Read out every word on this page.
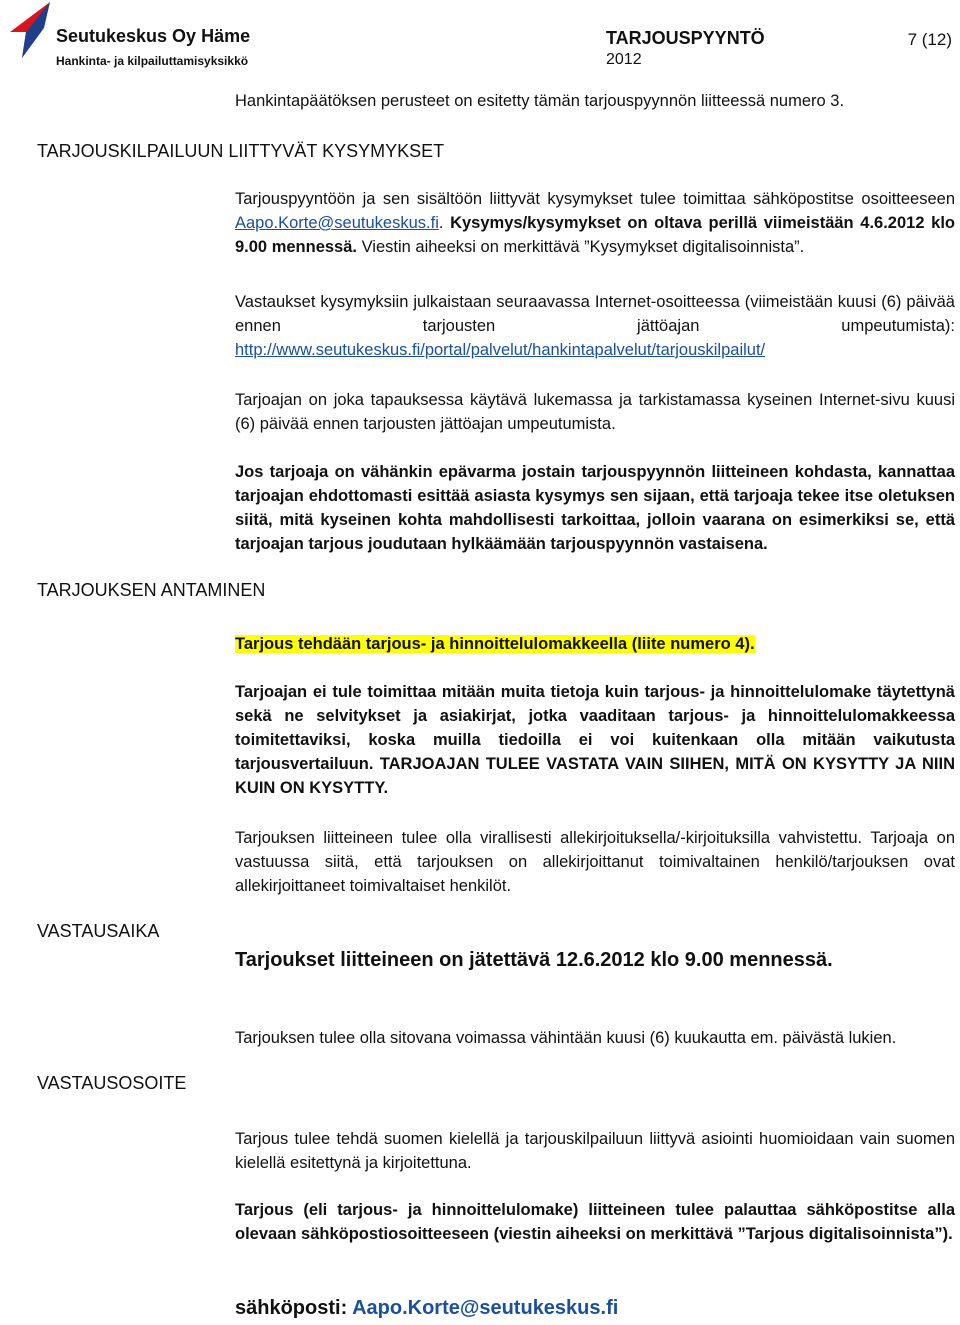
Seutukeskus Oy Häme
Hankinta- ja kilpailuttamisyksikkö
TARJOUSPYYNTÖ
2012
7 (12)
TARJOUSKILPAILUUN LIITTYVÄT KYSYMYKSET
TARJOUKSEN ANTAMINEN
VASTAUSAIKA
VASTAUSOSOITE
Hankintapäätöksen perusteet on esitetty tämän tarjouspyynnön liitteessä numero 3.
Tarjouspyyntöön ja sen sisältöön liittyvät kysymykset tulee toimittaa sähköpostitse osoitteeseen Aapo.Korte@seutukeskus.fi. Kysymys/kysymykset on oltava perillä viimeistään 4.6.2012 klo 9.00 mennessä. Viestin aiheeksi on merkittävä ”Kysymykset digitalisoinnista”.
Vastaukset kysymyksiin julkaistaan seuraavassa Internet-osoitteessa (viimeistään kuusi (6) päivää ennen tarjousten jättöajan umpeutumista): http://www.seutukeskus.fi/portal/palvelut/hankintapalvelut/tarjouskilpailut/
Tarjoajan on joka tapauksessa käytävä lukemassa ja tarkistamassa kyseinen Internet-sivu kuusi (6) päivää ennen tarjousten jättöajan umpeutumista.
Jos tarjoaja on vähänkin epävarma jostain tarjouspyynnön liitteineen kohdasta, kannattaa tarjoajan ehdottomasti esittää asiasta kysymys sen sijaan, että tarjoaja tekee itse oletuksen siitä, mitä kyseinen kohta mahdollisesti tarkoittaa, jolloin vaarana on esimerkiksi se, että tarjoajan tarjous joudutaan hylkäämään tarjouspyynnön vastaisena.
Tarjous tehdään tarjous- ja hinnoittelulomakkeella (liite numero 4).
Tarjoajan ei tule toimittaa mitään muita tietoja kuin tarjous- ja hinnoittelulomake täytettynä sekä ne selvitykset ja asiakirjat, jotka vaaditaan tarjous- ja hinnoittelulomakkeessa toimitettaviksi, koska muilla tiedoilla ei voi kuitenkaan olla mitään vaikutusta tarjousvertailuun. TARJOAJAN TULEE VASTATA VAIN SIIHEN, MITÄ ON KYSYTTY JA NIIN KUIN ON KYSYTTY.
Tarjouksen liitteineen tulee olla virallisesti allekirjoituksella/-kirjoituksilla vahvistettu. Tarjoaja on vastuussa siitä, että tarjouksen on allekirjoittanut toimivaltainen henkilö/tarjouksen ovat allekirjoittaneet toimivaltaiset henkilöt.
Tarjoukset liitteineen on jätettävä 12.6.2012 klo 9.00 mennessä.
Tarjouksen tulee olla sitovana voimassa vähintään kuusi (6) kuukautta em. päivästä lukien.
Tarjous tulee tehdä suomen kielellä ja tarjouskilpailuun liittyvä asiointi huomioidaan vain suomen kielellä esitettynä ja kirjoitettuna.
Tarjous (eli tarjous- ja hinnoittelulomake) liitteineen tulee palauttaa sähköpostitse alla olevaan sähköpostiosoitteeseen (viestin aiheeksi on merkittävä ”Tarjous digitalisoinnista”).
sähköposti: Aapo.Korte@seutukeskus.fi
